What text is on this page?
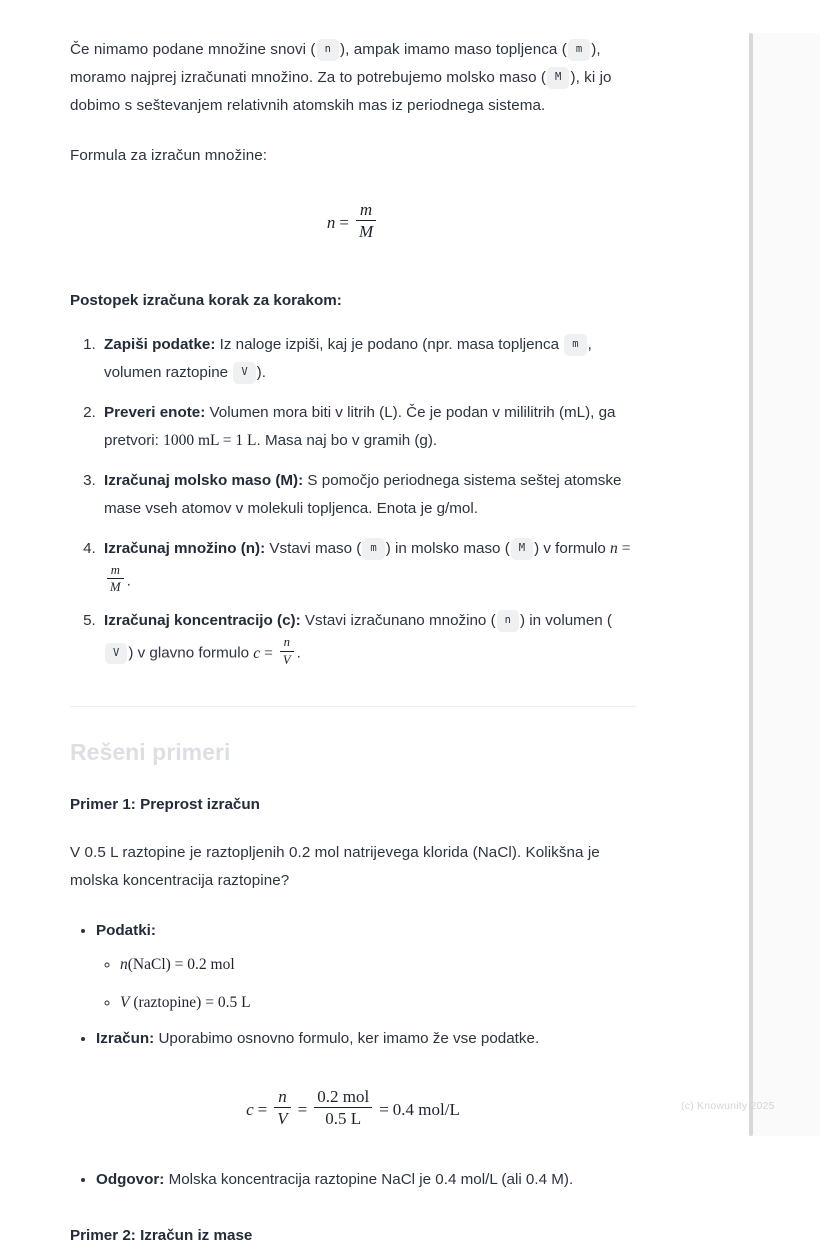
Če nimamo podane množine snovi ( n ), ampak imamo maso topljenca ( m ), moramo najprej izračunati množino. Za to potrebujemo molsko maso ( M ), ki jo dobimo s seštevanjem relativnih atomskih mas iz periodnega sistema.

Formula za izračun množine:

$n = \frac{m}{M}$
Postopek izračuna korak za korakom:
1. Zapiši podatke: Iz naloge izpiši, kaj je podano (npr. masa topljenca m , volumen raztopine V ).
2. Preveri enote: Volumen mora biti v litrih (L). Če je podan v mililitrih (mL), ga pretvori: 1000 mL = 1 L. Masa naj bo v gramih (g).
3. Izračunaj molsko maso (M): S pomočjo periodnega sistema seštej atomske mase vseh atomov v molekuli topljenca. Enota je g/mol.
4. Izračunaj množino (n): Vstavi maso ( m ) in molsko maso ( M ) v formulo n =
$\frac{m}{M}$ .
5. Izračunaj koncentracijo (c): Vstavi izračunano množino ( n ) in volumen (V ) v glavno formulo $c = \frac{n}{V}$ .
Rešeni primeri
Primer 1: Preprost izračun

V 0.5 L raztopine je raztopljenih 0.2 mol natrijevega klorida (NaCl). Kolikšna je molska koncentracija raztopine?

• Podatki:
◦ n(NaCl) = 0.2 mol
◦ V (raztopine) = 0.5 L
• Izračun: Uporabimo osnovno formulo, ker imamo že vse podatke.
$c = \frac{n}{V} = \frac{\text{0.2 mol}}{0.5 L} = 0.4$ mol/L
• Odgovor: Molska koncentracija raztopine NaCl je 0.4 mol/L (ali 0.4 M).
Primer 2: Izračun iz mase
(c) Knowunity 2025
